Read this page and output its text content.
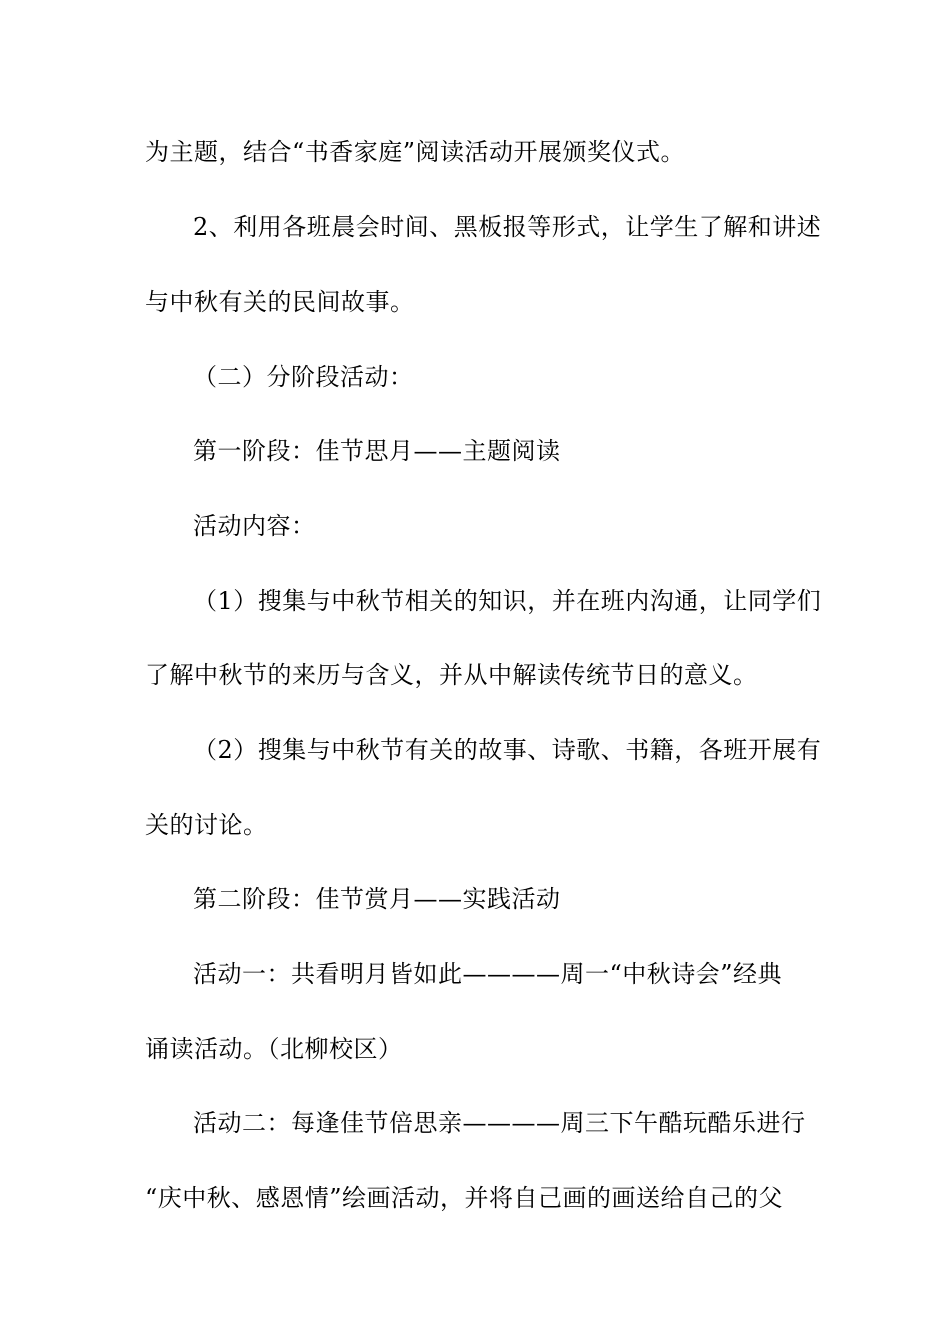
为主题，结合“书香家庭”阅读活动开展颁奖仪式。
2、利用各班晨会时间、黑板报等形式，让学生了解和讲述
与中秋有关的民间故事。
（二）分阶段活动：
第一阶段：佳节思月——主题阅读
活动内容：
（1）搜集与中秋节相关的知识，并在班内沟通，让同学们
了解中秋节的来历与含义，并从中解读传统节日的意义。
（2）搜集与中秋节有关的故事、诗歌、书籍，各班开展有
关的讨论。
第二阶段：佳节赏月——实践活动
活动一：共看明月皆如此————周一“中秋诗会”经典
诵读活动。（北柳校区）
活动二：每逢佳节倍思亲————周三下午酷玩酷乐进行
“庆中秋、感恩情”绘画活动，并将自己画的画送给自己的父
